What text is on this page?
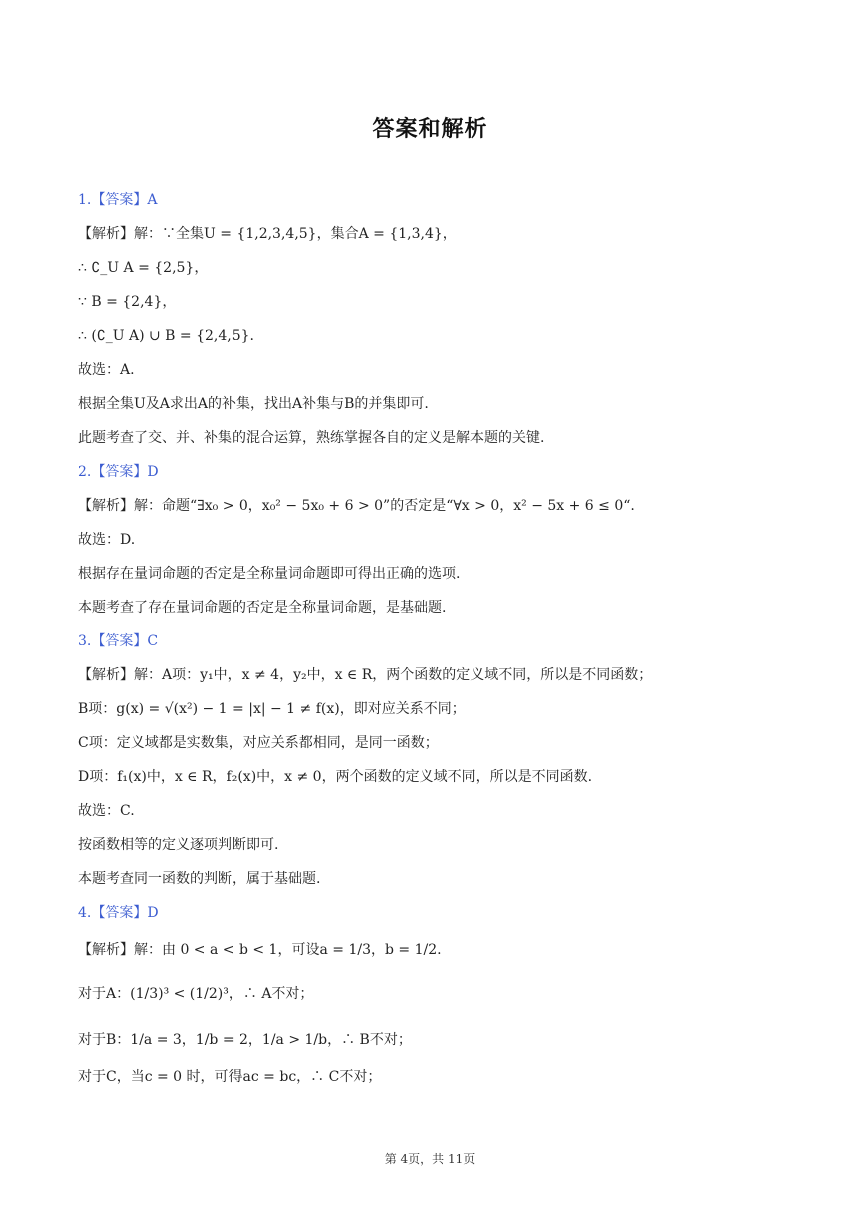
答案和解析
1.【答案】A
【解析】解：∵全集U = {1,2,3,4,5}，集合A = {1,3,4}，
∴ ∁_U A = {2,5}，
∵ B = {2,4}，
∴ (∁_U A) ∪ B = {2,4,5}.
故选：A.
根据全集U及A求出A的补集，找出A补集与B的并集即可.
此题考查了交、并、补集的混合运算，熟练掌握各自的定义是解本题的关键.
2.【答案】D
【解析】解：命题“∃x₀ > 0，x₀² − 5x₀ + 6 > 0”的否定是“∀x > 0，x² − 5x + 6 ≤ 0“.
故选：D.
根据存在量词命题的否定是全称量词命题即可得出正确的选项.
本题考查了存在量词命题的否定是全称量词命题，是基础题.
3.【答案】C
【解析】解：A项：y₁中，x ≠ 4，y₂中，x ∈ R，两个函数的定义域不同，所以是不同函数；
B项：g(x) = √(x²) − 1 = |x| − 1 ≠ f(x)，即对应关系不同；
C项：定义域都是实数集，对应关系都相同，是同一函数；
D项：f₁(x)中，x ∈ R，f₂(x)中，x ≠ 0，两个函数的定义域不同，所以是不同函数.
故选：C.
按函数相等的定义逐项判断即可.
本题考查同一函数的判断，属于基础题.
4.【答案】D
【解析】解：由 0 < a < b < 1，可设a = 1/3，b = 1/2.
对于A：(1/3)³ < (1/2)³，∴ A不对；
对于B：1/a = 3，1/b = 2，1/a > 1/b，∴ B不对；
对于C，当c = 0 时，可得ac = bc，∴ C不对；
第 4页，共 11页
